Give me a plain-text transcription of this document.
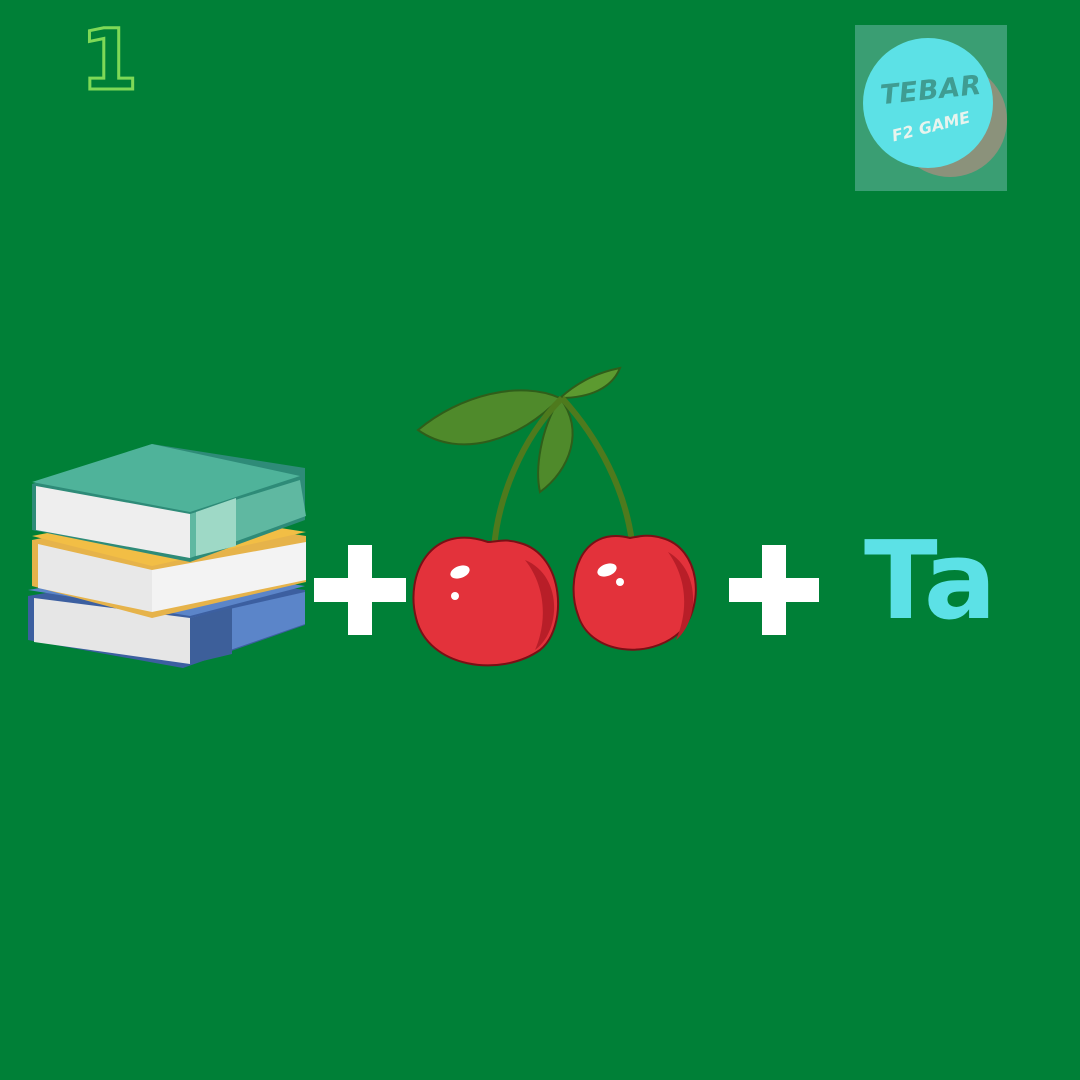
1	TEBAR
F2 GAME
Ta
